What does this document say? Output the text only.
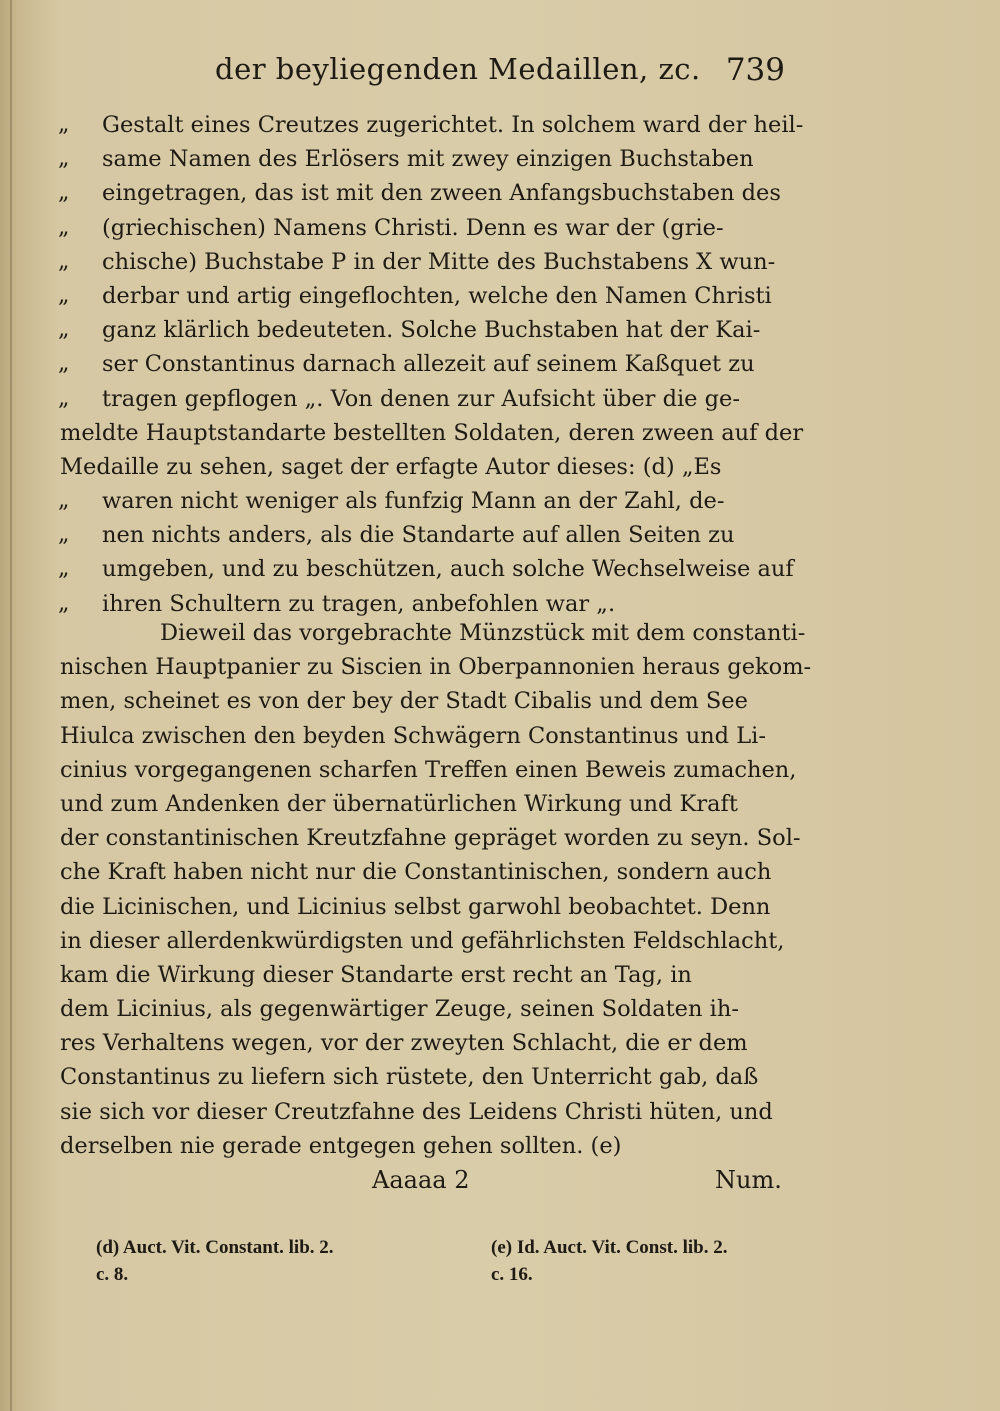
der beyliegenden Medaillen, zc. 739
„	Gestalt eines Creutzes zugerichtet. In solchem ward der heil-
„	same Namen des Erlösers mit zwey einzigen Buchstaben
„	eingetragen, das ist mit den zween Anfangsbuchstaben des
„	(griechischen) Namens Christi. Denn es war der (grie-
„	chische) Buchstabe P in der Mitte des Buchstabens X wun-
„	derbar und artig eingeflochten, welche den Namen Christi
„	ganz klärlich bedeuteten. Solche Buchstaben hat der Kai-
„	ser Constantinus darnach allezeit auf seinem Kaßquet zu
„	tragen gepflogen „. Von denen zur Aufsicht über die ge-
meldte Hauptstandarte bestellten Soldaten, deren zween auf der
Medaille zu sehen, saget der erfagte Autor dieses: (d) „Es
„	waren nicht weniger als funfzig Mann an der Zahl, de-
„	nen nichts anders, als die Standarte auf allen Seiten zu
„	umgeben, und zu beschützen, auch solche Wechselweise auf
„	ihren Schultern zu tragen, anbefohlen war „.
Dieweil das vorgebrachte Münzstück mit dem constanti-
nischen Hauptpanier zu Siscien in Oberpannonien heraus gekom-
men, scheinet es von der bey der Stadt Cibalis und dem See
Hiulca zwischen den beyden Schwägern Constantinus und Li-
cinius vorgegangenen scharfen Treffen einen Beweis zumachen,
und zum Andenken der übernatürlichen Wirkung und Kraft
der constantinischen Kreutzfahne gepräget worden zu seyn. Sol-
che Kraft haben nicht nur die Constantinischen, sondern auch
die Licinischen, und Licinius selbst garwohl beobachtet. Denn
in dieser allerdenkwürdigsten und gefährlichsten Feldschlacht,
kam die Wirkung dieser Standarte erst recht an Tag, in
dem Licinius, als gegenwärtiger Zeuge, seinen Soldaten ih-
res Verhaltens wegen, vor der zweyten Schlacht, die er dem
Constantinus zu liefern sich rüstete, den Unterricht gab, daß
sie sich vor dieser Creutzfahne des Leidens Christi hüten, und
derselben nie gerade entgegen gehen sollten. (e)
Aaaaa 2	Num.
(d) Auct. Vit. Constant. lib. 2.
c. 8.
(e) Id. Auct. Vit. Const. lib. 2.
c. 16.
